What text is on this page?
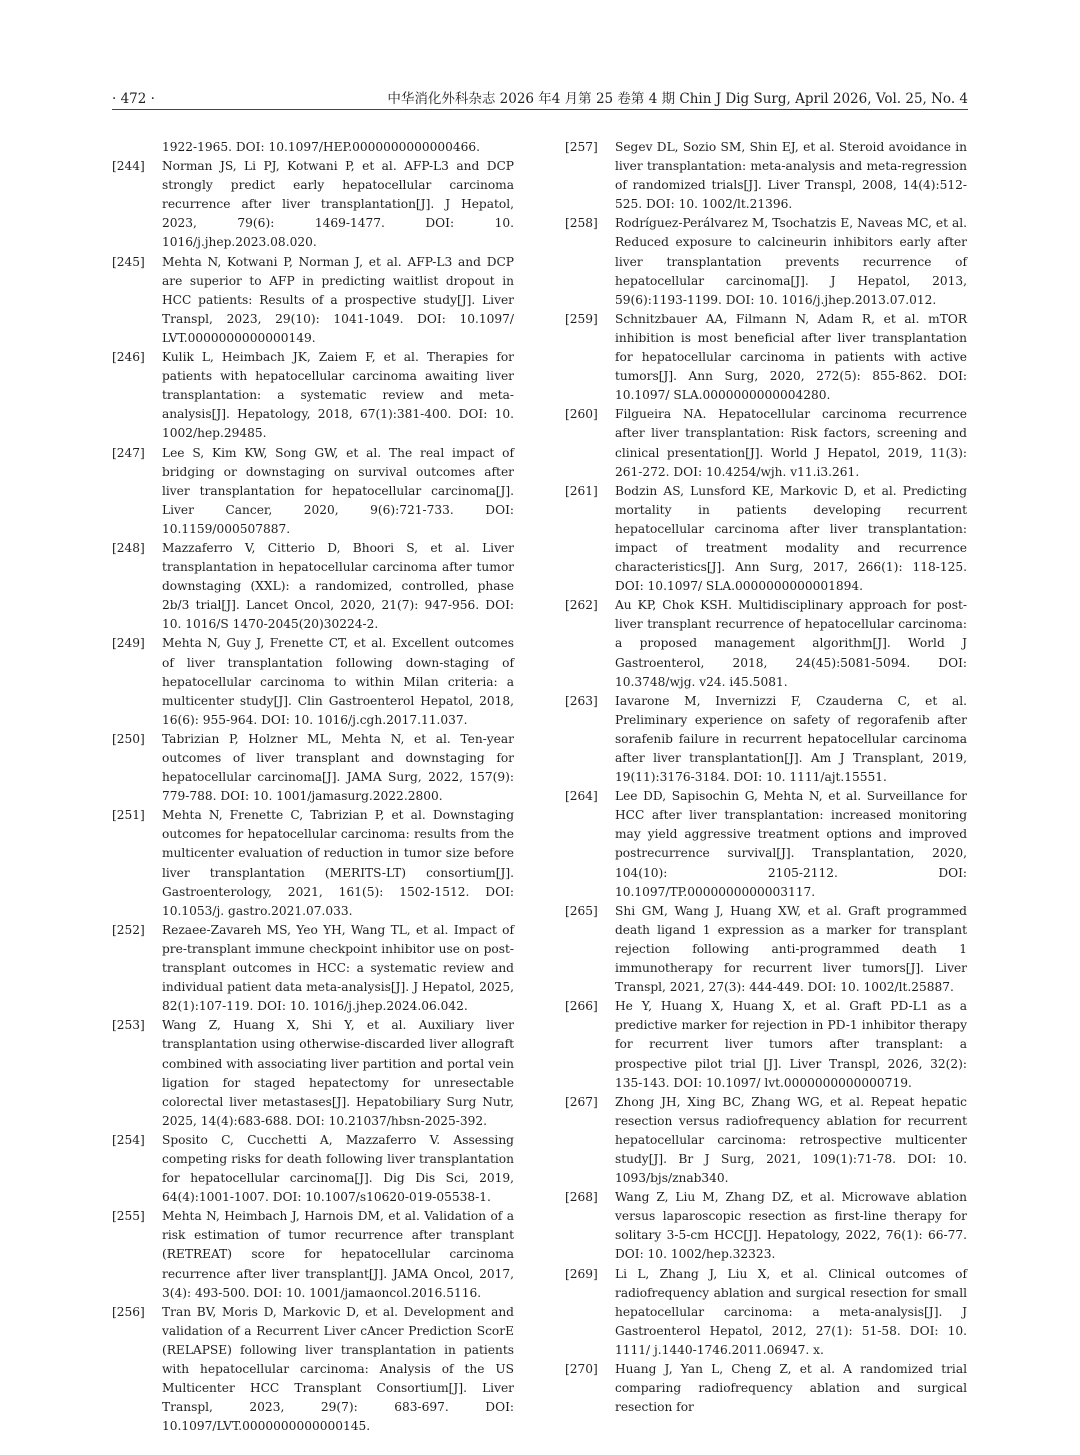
· 472 ·	中华消化外科杂志 2026 年4 月第 25 卷第 4 期 Chin J Dig Surg, April 2026, Vol. 25, No. 4
1922-1965. DOI: 10.1097/HEP.0000000000000466.
[244]	Norman JS, Li PJ, Kotwani P, et al. AFP-L3 and DCP strongly predict early hepatocellular carcinoma recurrence after liver transplantation[J]. J Hepatol, 2023, 79(6): 1469-1477. DOI: 10. 1016/j.jhep.2023.08.020.
[245]	Mehta N, Kotwani P, Norman J, et al. AFP-L3 and DCP are superior to AFP in predicting waitlist dropout in HCC patients: Results of a prospective study[J]. Liver Transpl, 2023, 29(10): 1041-1049. DOI: 10.1097/ LVT.0000000000000149.
[246]	Kulik L, Heimbach JK, Zaiem F, et al. Therapies for patients with hepatocellular carcinoma awaiting liver transplantation: a systematic review and meta-analysis[J]. Hepatology, 2018, 67(1):381-400. DOI: 10. 1002/hep.29485.
[247]	Lee S, Kim KW, Song GW, et al. The real impact of bridging or downstaging on survival outcomes after liver transplantation for hepatocellular carcinoma[J]. Liver Cancer, 2020, 9(6):721-733. DOI: 10.1159/000507887.
[248]	Mazzaferro V, Citterio D, Bhoori S, et al. Liver transplantation in hepatocellular carcinoma after tumor downstaging (XXL): a randomized, controlled, phase 2b/3 trial[J]. Lancet Oncol, 2020, 21(7): 947-956. DOI: 10. 1016/S 1470-2045(20)30224-2.
[249]	Mehta N, Guy J, Frenette CT, et al. Excellent outcomes of liver transplantation following down-staging of hepatocellular carcinoma to within Milan criteria: a multicenter study[J]. Clin Gastroenterol Hepatol, 2018, 16(6): 955-964. DOI: 10. 1016/j.cgh.2017.11.037.
[250]	Tabrizian P, Holzner ML, Mehta N, et al. Ten-year outcomes of liver transplant and downstaging for hepatocellular carcinoma[J]. JAMA Surg, 2022, 157(9): 779-788. DOI: 10. 1001/jamasurg.2022.2800.
[251]	Mehta N, Frenette C, Tabrizian P, et al. Downstaging outcomes for hepatocellular carcinoma: results from the multicenter evaluation of reduction in tumor size before liver transplantation (MERITS-LT) consortium[J]. Gastroenterology, 2021, 161(5): 1502-1512. DOI: 10.1053/j. gastro.2021.07.033.
[252]	Rezaee-Zavareh MS, Yeo YH, Wang TL, et al. Impact of pre-transplant immune checkpoint inhibitor use on post-transplant outcomes in HCC: a systematic review and individual patient data meta-analysis[J]. J Hepatol, 2025, 82(1):107-119. DOI: 10. 1016/j.jhep.2024.06.042.
[253]	Wang Z, Huang X, Shi Y, et al. Auxiliary liver transplantation using otherwise-discarded liver allograft combined with associating liver partition and portal vein ligation for staged hepatectomy for unresectable colorectal liver metastases[J]. Hepatobiliary Surg Nutr, 2025, 14(4):683-688. DOI: 10.21037/hbsn-2025-392.
[254]	Sposito C, Cucchetti A, Mazzaferro V. Assessing competing risks for death following liver transplantation for hepatocellular carcinoma[J]. Dig Dis Sci, 2019, 64(4):1001-1007. DOI: 10.1007/s10620-019-05538-1.
[255]	Mehta N, Heimbach J, Harnois DM, et al. Validation of a risk estimation of tumor recurrence after transplant (RETREAT) score for hepatocellular carcinoma recurrence after liver transplant[J]. JAMA Oncol, 2017, 3(4): 493-500. DOI: 10. 1001/jamaoncol.2016.5116.
[256]	Tran BV, Moris D, Markovic D, et al. Development and validation of a Recurrent Liver cAncer Prediction ScorE (RELAPSE) following liver transplantation in patients with hepatocellular carcinoma: Analysis of the US Multicenter HCC Transplant Consortium[J]. Liver Transpl, 2023, 29(7): 683-697. DOI: 10.1097/LVT.0000000000000145.
[257]	Segev DL, Sozio SM, Shin EJ, et al. Steroid avoidance in liver transplantation: meta-analysis and meta-regression of randomized trials[J]. Liver Transpl, 2008, 14(4):512-525. DOI: 10. 1002/lt.21396.
[258]	Rodríguez-Perálvarez M, Tsochatzis E, Naveas MC, et al. Reduced exposure to calcineurin inhibitors early after liver transplantation prevents recurrence of hepatocellular carcinoma[J]. J Hepatol, 2013, 59(6):1193-1199. DOI: 10. 1016/j.jhep.2013.07.012.
[259]	Schnitzbauer AA, Filmann N, Adam R, et al. mTOR inhibition is most beneficial after liver transplantation for hepatocellular carcinoma in patients with active tumors[J]. Ann Surg, 2020, 272(5): 855-862. DOI: 10.1097/ SLA.0000000000004280.
[260]	Filgueira NA. Hepatocellular carcinoma recurrence after liver transplantation: Risk factors, screening and clinical presentation[J]. World J Hepatol, 2019, 11(3): 261-272. DOI: 10.4254/wjh. v11.i3.261.
[261]	Bodzin AS, Lunsford KE, Markovic D, et al. Predicting mortality in patients developing recurrent hepatocellular carcinoma after liver transplantation: impact of treatment modality and recurrence characteristics[J]. Ann Surg, 2017, 266(1): 118-125. DOI: 10.1097/ SLA.0000000000001894.
[262]	Au KP, Chok KSH. Multidisciplinary approach for post-liver transplant recurrence of hepatocellular carcinoma: a proposed management algorithm[J]. World J Gastroenterol, 2018, 24(45):5081-5094. DOI: 10.3748/wjg. v24. i45.5081.
[263]	Iavarone M, Invernizzi F, Czauderna C, et al. Preliminary experience on safety of regorafenib after sorafenib failure in recurrent hepatocellular carcinoma after liver transplantation[J]. Am J Transplant, 2019, 19(11):3176-3184. DOI: 10. 1111/ajt.15551.
[264]	Lee DD, Sapisochin G, Mehta N, et al. Surveillance for HCC after liver transplantation: increased monitoring may yield aggressive treatment options and improved postrecurrence survival[J]. Transplantation, 2020, 104(10): 2105-2112. DOI: 10.1097/TP.0000000000003117.
[265]	Shi GM, Wang J, Huang XW, et al. Graft programmed death ligand 1 expression as a marker for transplant rejection following anti-programmed death 1 immunotherapy for recurrent liver tumors[J]. Liver Transpl, 2021, 27(3): 444-449. DOI: 10. 1002/lt.25887.
[266]	He Y, Huang X, Huang X, et al. Graft PD-L1 as a predictive marker for rejection in PD-1 inhibitor therapy for recurrent liver tumors after transplant: a prospective pilot trial [J]. Liver Transpl, 2026, 32(2): 135-143. DOI: 10.1097/ lvt.0000000000000719.
[267]	Zhong JH, Xing BC, Zhang WG, et al. Repeat hepatic resection versus radiofrequency ablation for recurrent hepatocellular carcinoma: retrospective multicenter study[J]. Br J Surg, 2021, 109(1):71-78. DOI: 10. 1093/bjs/znab340.
[268]	Wang Z, Liu M, Zhang DZ, et al. Microwave ablation versus laparoscopic resection as first-line therapy for solitary 3-5-cm HCC[J]. Hepatology, 2022, 76(1): 66-77. DOI: 10. 1002/hep.32323.
[269]	Li L, Zhang J, Liu X, et al. Clinical outcomes of radiofrequency ablation and surgical resection for small hepatocellular carcinoma: a meta-analysis[J]. J Gastroenterol Hepatol, 2012, 27(1): 51-58. DOI: 10. 1111/ j.1440-1746.2011.06947. x.
[270]	Huang J, Yan L, Cheng Z, et al. A randomized trial comparing radiofrequency ablation and surgical resection for
